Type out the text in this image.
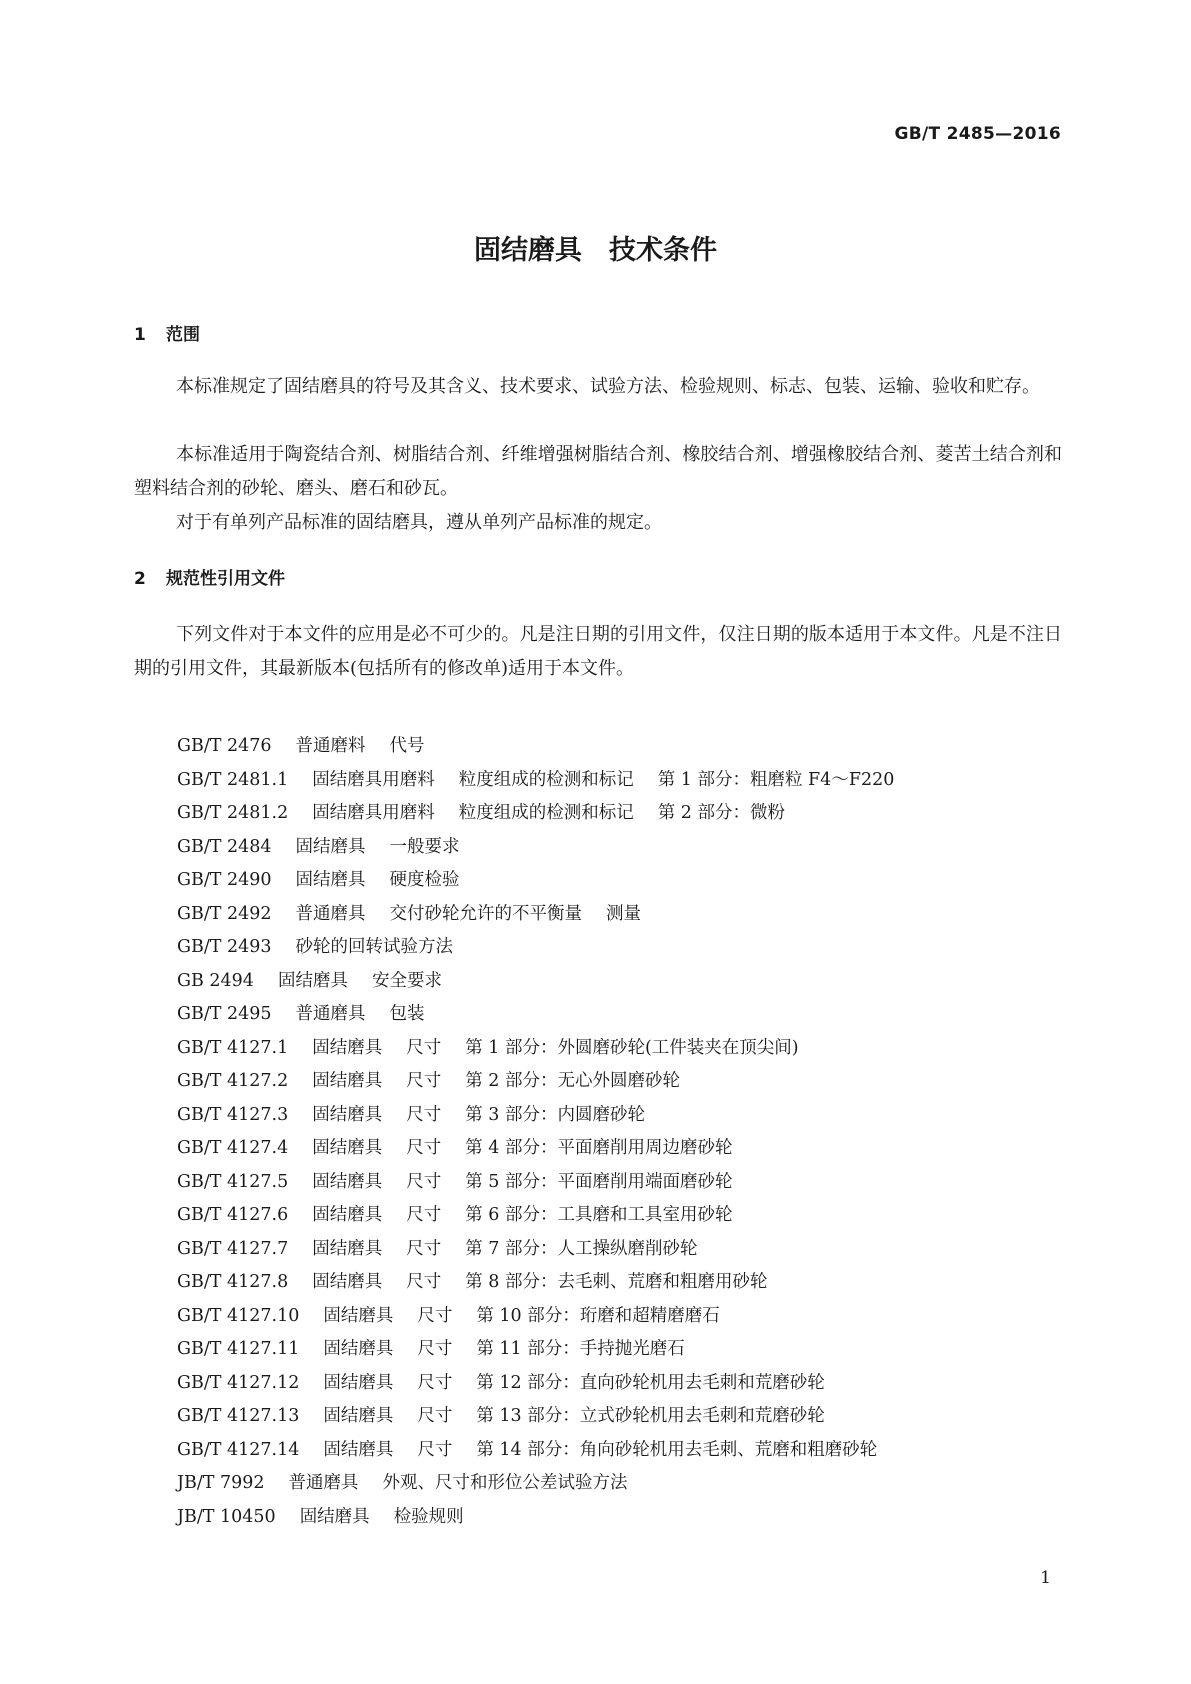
GB/T 2485—2016
固结磨具　技术条件
1 范围

本标准规定了固结磨具的符号及其含义、技术要求、试验方法、检验规则、标志、包装、运输、验收和贮存。

本标准适用于陶瓷结合剂、树脂结合剂、纤维增强树脂结合剂、橡胶结合剂、增强橡胶结合剂、菱苦土结合剂和塑料结合剂的砂轮、磨头、磨石和砂瓦。

对于有单列产品标准的固结磨具，遵从单列产品标准的规定。

2 规范性引用文件

下列文件对于本文件的应用是必不可少的。凡是注日期的引用文件，仅注日期的版本适用于本文件。凡是不注日期的引用文件，其最新版本(包括所有的修改单)适用于本文件。

GB/T 2476 普通磨料 代号
GB/T 2481.1 固结磨具用磨料 粒度组成的检测和标记 第 1 部分：粗磨粒 F4～F220
GB/T 2481.2 固结磨具用磨料 粒度组成的检测和标记 第 2 部分：微粉
GB/T 2484 固结磨具 一般要求
GB/T 2490 固结磨具 硬度检验
GB/T 2492 普通磨具 交付砂轮允许的不平衡量 测量
GB/T 2493 砂轮的回转试验方法
GB 2494 固结磨具 安全要求
GB/T 2495 普通磨具 包装
GB/T 4127.1 固结磨具 尺寸 第 1 部分：外圆磨砂轮(工件装夹在顶尖间)
GB/T 4127.2 固结磨具 尺寸 第 2 部分：无心外圆磨砂轮
GB/T 4127.3 固结磨具 尺寸 第 3 部分：内圆磨砂轮
GB/T 4127.4 固结磨具 尺寸 第 4 部分：平面磨削用周边磨砂轮
GB/T 4127.5 固结磨具 尺寸 第 5 部分：平面磨削用端面磨砂轮
GB/T 4127.6 固结磨具 尺寸 第 6 部分：工具磨和工具室用砂轮
GB/T 4127.7 固结磨具 尺寸 第 7 部分：人工操纵磨削砂轮
GB/T 4127.8 固结磨具 尺寸 第 8 部分：去毛刺、荒磨和粗磨用砂轮
GB/T 4127.10 固结磨具 尺寸 第 10 部分：珩磨和超精磨磨石
GB/T 4127.11 固结磨具 尺寸 第 11 部分：手持抛光磨石
GB/T 4127.12 固结磨具 尺寸 第 12 部分：直向砂轮机用去毛刺和荒磨砂轮
GB/T 4127.13 固结磨具 尺寸 第 13 部分：立式砂轮机用去毛刺和荒磨砂轮
GB/T 4127.14 固结磨具 尺寸 第 14 部分：角向砂轮机用去毛刺、荒磨和粗磨砂轮
JB/T 7992 普通磨具 外观、尺寸和形位公差试验方法
JB/T 10450 固结磨具 检验规则
1
